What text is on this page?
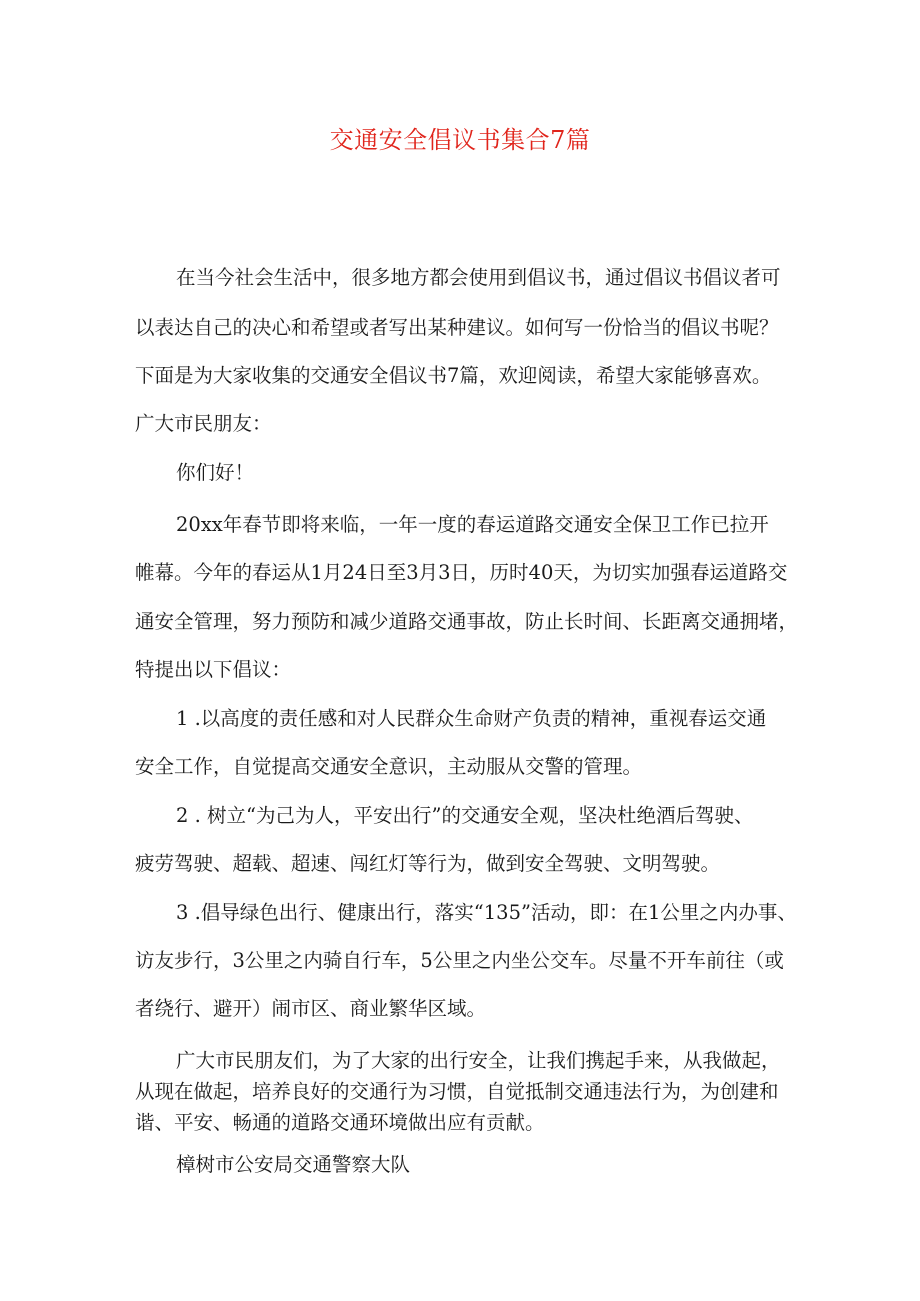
交通安全倡议书集合7篇
在当今社会生活中，很多地方都会使用到倡议书，通过倡议书倡议者可
以表达自己的决心和希望或者写出某种建议。如何写一份恰当的倡议书呢？
下面是为大家收集的交通安全倡议书7篇，欢迎阅读，希望大家能够喜欢。
广大市民朋友：
你们好！
20xx年春节即将来临，一年一度的春运道路交通安全保卫工作已拉开
帷幕。今年的春运从1月24日至3月3日，历时40天，为切实加强春运道路交
通安全管理，努力预防和减少道路交通事故，防止长时间、长距离交通拥堵，
特提出以下倡议：
1 .以高度的责任感和对人民群众生命财产负责的精神，重视春运交通
安全工作，自觉提高交通安全意识，主动服从交警的管理。
2 . 树立“为己为人，平安出行”的交通安全观，坚决杜绝酒后驾驶、
疲劳驾驶、超载、超速、闯红灯等行为，做到安全驾驶、文明驾驶。
3 .倡导绿色出行、健康出行，落实“135”活动，即：在1公里之内办事、
访友步行，3公里之内骑自行车，5公里之内坐公交车。尽量不开车前往（或
者绕行、避开）闹市区、商业繁华区域。
广大市民朋友们，为了大家的出行安全，让我们携起手来，从我做起，
从现在做起，培养良好的交通行为习惯，自觉抵制交通违法行为，为创建和
谐、平安、畅通的道路交通环境做出应有贡献。
樟树市公安局交通警察大队
